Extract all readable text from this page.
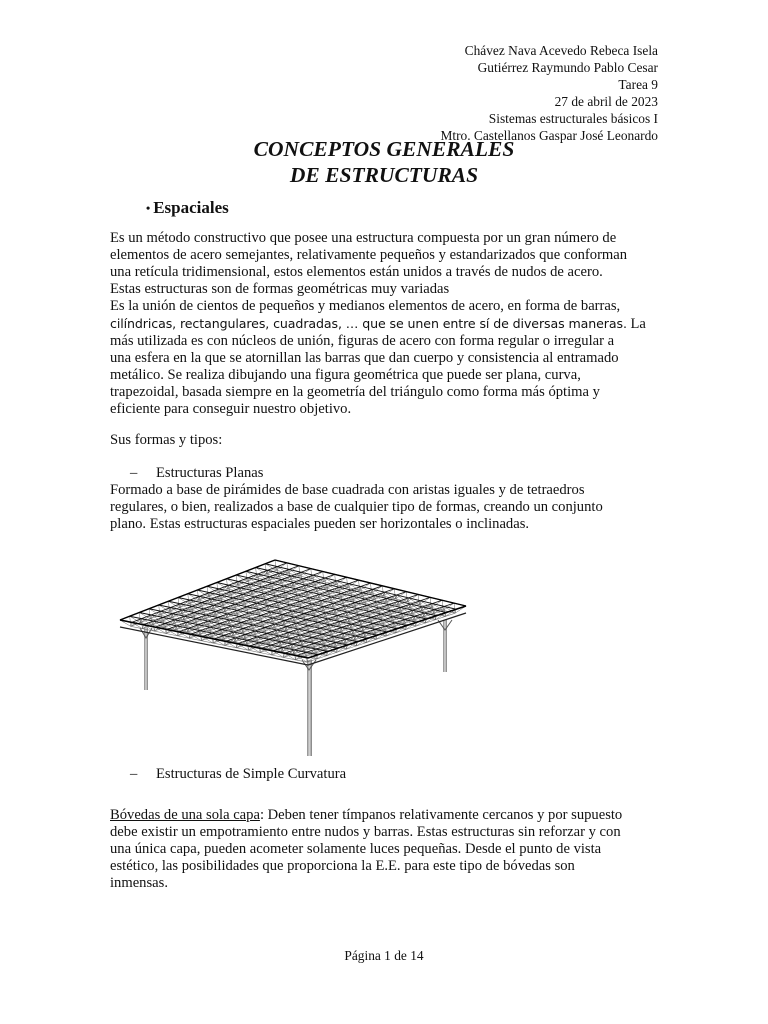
Chávez Nava Acevedo Rebeca Isela
Gutiérrez Raymundo Pablo Cesar
Tarea 9
27 de abril de 2023
Sistemas estructurales básicos I
Mtro. Castellanos Gaspar José Leonardo
CONCEPTOS GENERALES
DE ESTRUCTURAS
• Espaciales
Es un método constructivo que posee una estructura compuesta por un gran número de
elementos de acero semejantes, relativamente pequeños y estandarizados que conforman
una retícula tridimensional, estos elementos están unidos a través de nudos de acero.
Estas estructuras son de formas geométricas muy variadas
Es la unión de cientos de pequeños y medianos elementos de acero, en forma de barras,
cilíndricas, rectangulares, cuadradas, … que se unen entre sí de diversas maneras. La
más utilizada es con núcleos de unión, figuras de acero con forma regular o irregular a
una esfera en la que se atornillan las barras que dan cuerpo y consistencia al entramado
metálico. Se realiza dibujando una figura geométrica que puede ser plana, curva,
trapezoidal, basada siempre en la geometría del triángulo como forma más óptima y
eficiente para conseguir nuestro objetivo.
Sus formas y tipos:
– Estructuras Planas
Formado a base de pirámides de base cuadrada con aristas iguales y de tetraedros
regulares, o bien, realizados a base de cualquier tipo de formas, creando un conjunto
plano. Estas estructuras espaciales pueden ser horizontales o inclinadas.
– Estructuras de Simple Curvatura
Bóvedas de una sola capa: Deben tener tímpanos relativamente cercanos y por supuesto
debe existir un empotramiento entre nudos y barras. Estas estructuras sin reforzar y con
una única capa, pueden acometer solamente luces pequeñas. Desde el punto de vista
estético, las posibilidades que proporciona la E.E. para este tipo de bóvedas son
inmensas.
Página 1 de 14
